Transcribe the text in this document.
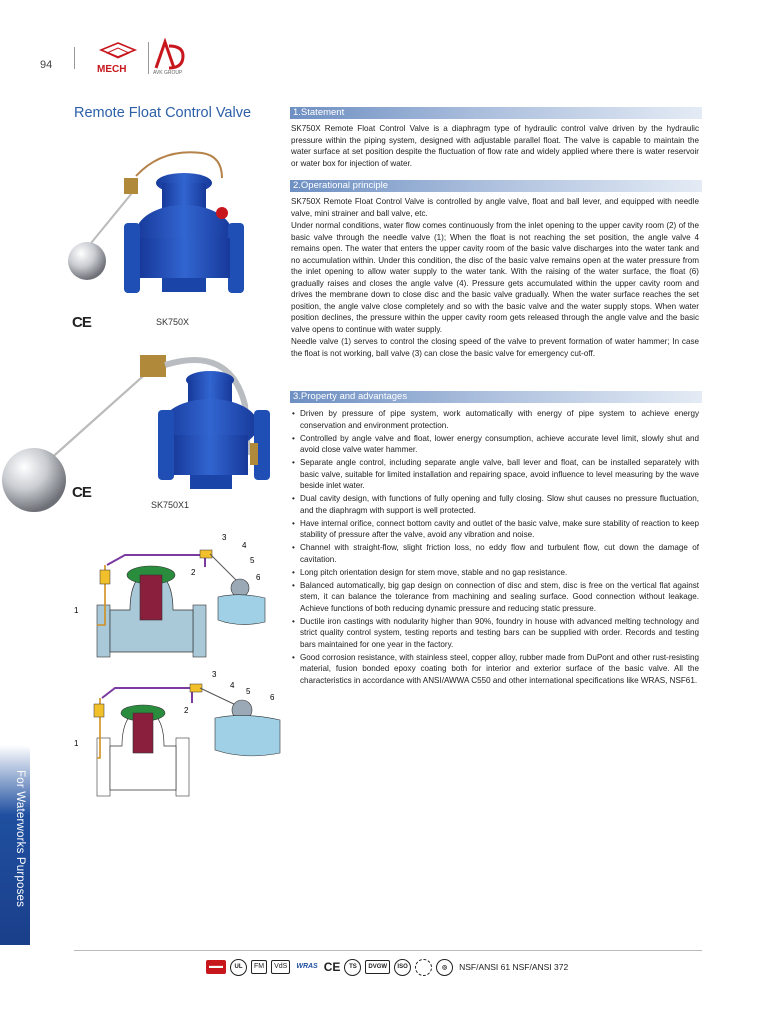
94	MECH	AVK GROUP
Remote Float Control Valve	1.Statement

SK750X Remote Float Control Valve is a diaphragm type of hydraulic control valve driven by the hydraulic pressure within the piping system, designed with adjustable parallel float. The valve is capable to maintain the water surface at set position despite the fluctuation of flow rate and widely applied where there is water reservoir or water box for injection of water.

2.Operational principle

SK750X Remote Float Control Valve is controlled by angle valve, float and ball lever, and equipped with needle valve, mini strainer and ball valve, etc.

Under normal conditions, water flow comes continuously from the inlet opening to the upper cavity room (2) of the basic valve through the needle valve (1); When the float is not reaching the set position, the angle valve 4 remains open. The water that enters the upper cavity room of the basic valve discharges into the water tank and no accumulation within. Under this condition, the disc of the basic valve remains open at the water pressure from the inlet opening to allow water supply to the water tank. With the raising of the water surface, the float (6) gradually raises and closes the angle valve (4). Pressure gets accumulated within the upper cavity room and drives the membrane down to close disc and the basic valve gradually. When the water surface reaches the set position, the angle valve close completely and so with the basic valve and the water supply stops. When water position declines, the pressure within the upper cavity room gets released through the angle valve and the basic valve opens to continue with water supply.

Needle valve (1) serves to control the closing speed of the valve to prevent formation of water hammer; In case the float is not working, ball valve (3) can close the basic valve for emergency cut-off.

3.Property and advantages
• Driven by pressure of pipe system, work automatically with energy of pipe system to achieve energy conservation and environment protection.
• Controlled by angle valve and float, lower energy consumption, achieve accurate level limit, slowly shut and avoid close valve water hammer.
• Separate angle control, including separate angle valve, ball lever and float, can be installed separately with basic valve, suitable for limited installation and repairing space, avoid influence to level measuring by the wave beside inlet water.
• Dual cavity design, with functions of fully opening and fully closing. Slow shut causes no pressure fluctuation, and the diaphragm with support is well protected.
• Have internal orifice, connect bottom cavity and outlet of the basic valve, make sure stability of reaction to keep stability of pressure after the valve, avoid any vibration and noise.
• Channel with straight-flow, slight friction loss, no eddy flow and turbulent flow, cut down the damage of cavitation.
• Long pitch orientation design for stem move, stable and no gap resistance.
• Balanced automatically, big gap design on connection of disc and stem, disc is free on the vertical flat against stem, it can balance the tolerance from machining and sealing surface. Good connection without leakage. Achieve functions of both reducing dynamic pressure and reducing static pressure.
• Ductile iron castings with nodularity higher than 90%, foundry in house with advanced melting technology and strict quality control system, testing reports and testing bars can be supplied with order. Records and testing bars maintained for one year in the factory.
• Good corrosion resistance, with stainless steel, copper alloy, rubber made from DuPont and other rust-resisting material, fusion bonded epoxy coating both for interior and exterior surface of the basic valve. All the characteristics in accordance with ANSI/AWWA C550 and other international specifications like WRAS, NSF61.
CE	SK750X
CE
SK750X1
1
2
3
4
5
6
1
2
3
4
5
6
For Waterworks Purposes
▬▬	UL	FM	VdS	WRAS CE	TS	DVGW	ISO	◎	NSF/ANSI 61 NSF/ANSI 372
